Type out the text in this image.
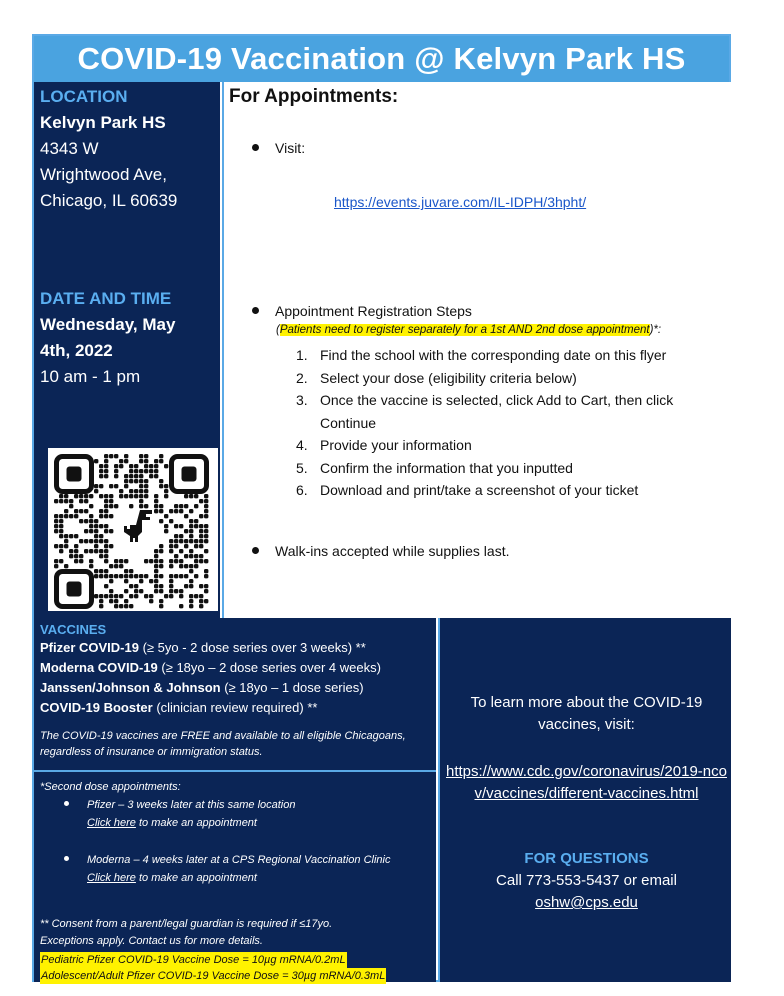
COVID-19 Vaccination @ Kelvyn Park HS
LOCATION
Kelvyn Park HS
4343 W
Wrightwood Ave,
Chicago, IL 60639
DATE AND TIME
Wednesday, May
4th, 2022
10 am - 1 pm
For Appointments:
Visit:
https://events.juvare.com/IL-IDPH/3hpht/
Appointment Registration Steps
(Patients need to register separately for a 1st AND 2nd dose appointment)*:
1. Find the school with the corresponding date on this flyer
2. Select your dose (eligibility criteria below)
3. Once the vaccine is selected, click Add to Cart, then click Continue
4. Provide your information
5. Confirm the information that you inputted
6. Download and print/take a screenshot of your ticket
Walk-ins accepted while supplies last.
VACCINES
Pfizer COVID-19 (≥ 5yo - 2 dose series over 3 weeks) **
Moderna COVID-19 (≥ 18yo – 2 dose series over 4 weeks)
Janssen/Johnson & Johnson (≥ 18yo – 1 dose series)
COVID-19 Booster (clinician review required) **
The COVID-19 vaccines are FREE and available to all eligible Chicagoans, regardless of insurance or immigration status.
*Second dose appointments:
Pfizer – 3 weeks later at this same location
Click here to make an appointment
Moderna – 4 weeks later at a CPS Regional Vaccination Clinic
Click here to make an appointment
** Consent from a parent/legal guardian is required if ≤17yo.
Exceptions apply. Contact us for more details.
Pediatric Pfizer COVID-19 Vaccine Dose = 10µg mRNA/0.2mL
Adolescent/Adult Pfizer COVID-19 Vaccine Dose = 30µg mRNA/0.3mL
To learn more about the COVID-19 vaccines, visit:
https://www.cdc.gov/coronavirus/2019-ncov/vaccines/different-vaccines.html
FOR QUESTIONS
Call 773-553-5437 or email
oshw@cps.edu
